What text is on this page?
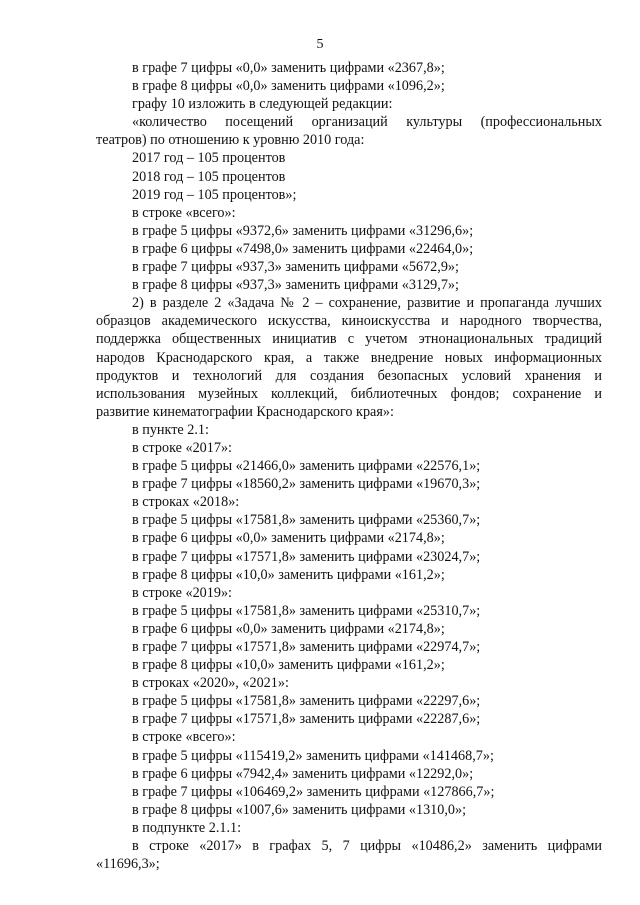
5
в графе 7 цифры «0,0» заменить цифрами «2367,8»;
в графе 8 цифры «0,0» заменить цифрами «1096,2»;
графу 10 изложить в следующей редакции:
«количество посещений организаций культуры (профессиональных
театров) по отношению к уровню 2010 года:
2017 год – 105 процентов
2018 год – 105 процентов
2019 год – 105 процентов»;
в строке «всего»:
в графе 5 цифры «9372,6» заменить цифрами «31296,6»;
в графе 6 цифры «7498,0» заменить цифрами «22464,0»;
в графе 7 цифры «937,3» заменить цифрами «5672,9»;
в графе 8 цифры «937,3» заменить цифрами «3129,7»;
2) в разделе 2 «Задача № 2 – сохранение, развитие и пропаганда лучших
образцов академического искусства, киноискусства и народного творчества,
поддержка общественных инициатив с учетом этнонациональных традиций
народов Краснодарского края, а также внедрение новых информационных
продуктов и технологий для создания безопасных условий хранения и
использования музейных коллекций, библиотечных фондов; сохранение и
развитие кинематографии Краснодарского края»:
в пункте 2.1:
в строке «2017»:
в графе 5 цифры «21466,0» заменить цифрами «22576,1»;
в графе 7 цифры «18560,2» заменить цифрами «19670,3»;
в строках «2018»:
в графе 5 цифры «17581,8» заменить цифрами «25360,7»;
в графе 6 цифры «0,0» заменить цифрами «2174,8»;
в графе 7 цифры «17571,8» заменить цифрами «23024,7»;
в графе 8 цифры «10,0» заменить цифрами «161,2»;
в строке «2019»:
в графе 5 цифры «17581,8» заменить цифрами «25310,7»;
в графе 6 цифры «0,0» заменить цифрами «2174,8»;
в графе 7 цифры «17571,8» заменить цифрами «22974,7»;
в графе 8 цифры «10,0» заменить цифрами «161,2»;
в строках «2020», «2021»:
в графе 5 цифры «17581,8» заменить цифрами «22297,6»;
в графе 7 цифры «17571,8» заменить цифрами «22287,6»;
в строке «всего»:
в графе 5 цифры «115419,2» заменить цифрами «141468,7»;
в графе 6 цифры «7942,4» заменить цифрами «12292,0»;
в графе 7 цифры «106469,2» заменить цифрами «127866,7»;
в графе 8 цифры «1007,6» заменить цифрами «1310,0»;
в подпункте 2.1.1:
в строке «2017» в графах 5, 7 цифры «10486,2» заменить цифрами
«11696,3»;
